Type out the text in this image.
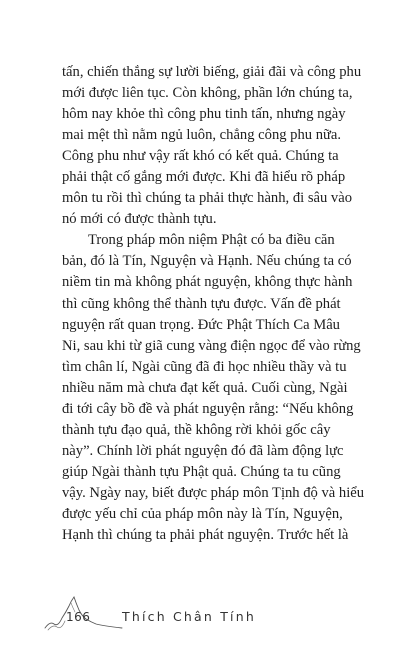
tấn, chiến thắng sự lười biếng, giải đãi và công phu
mới được liên tục. Còn không, phần lớn chúng ta,
hôm nay khỏe thì công phu tinh tấn, nhưng ngày
mai mệt thì nằm ngủ luôn, chẳng công phu nữa.
Công phu như vậy rất khó có kết quả. Chúng ta
phải thật cố gắng mới được. Khi đã hiểu rõ pháp
môn tu rồi thì chúng ta phải thực hành, đi sâu vào
nó mới có được thành tựu.

Trong pháp môn niệm Phật có ba điều căn
bản, đó là Tín, Nguyện và Hạnh. Nếu chúng ta có
niềm tin mà không phát nguyện, không thực hành
thì cũng không thể thành tựu được. Vấn đề phát
nguyện rất quan trọng. Đức Phật Thích Ca Mâu
Ni, sau khi từ giã cung vàng điện ngọc để vào rừng
tìm chân lí, Ngài cũng đã đi học nhiều thầy và tu
nhiều năm mà chưa đạt kết quả. Cuối cùng, Ngài
đi tới cây bồ đề và phát nguyện rằng: “Nếu không
thành tựu đạo quả, thề không rời khỏi gốc cây
này”. Chính lời phát nguyện đó đã làm động lực
giúp Ngài thành tựu Phật quả. Chúng ta tu cũng
vậy. Ngày nay, biết được pháp môn Tịnh độ và hiểu
được yếu chỉ của pháp môn này là Tín, Nguyện,
Hạnh thì chúng ta phải phát nguyện. Trước hết là

166	Thích Chân Tính
